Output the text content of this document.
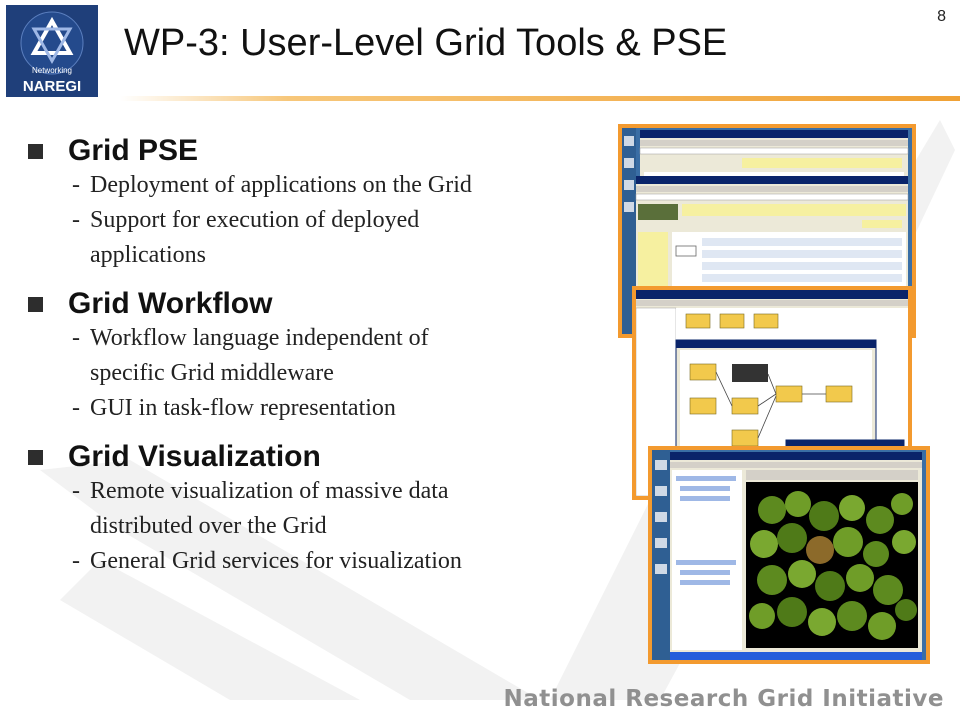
Networking
NAREGI
WP-3: User-Level Grid Tools & PSE
8
Grid PSE
- Deployment of applications on the Grid
- Support for execution of deployed
applications
Grid Workflow
- Workflow language independent of
specific Grid middleware
- GUI in task-flow representation
Grid Visualization
- Remote visualization of massive data
distributed over the Grid
- General Grid services for visualization
National Research Grid Initiative
